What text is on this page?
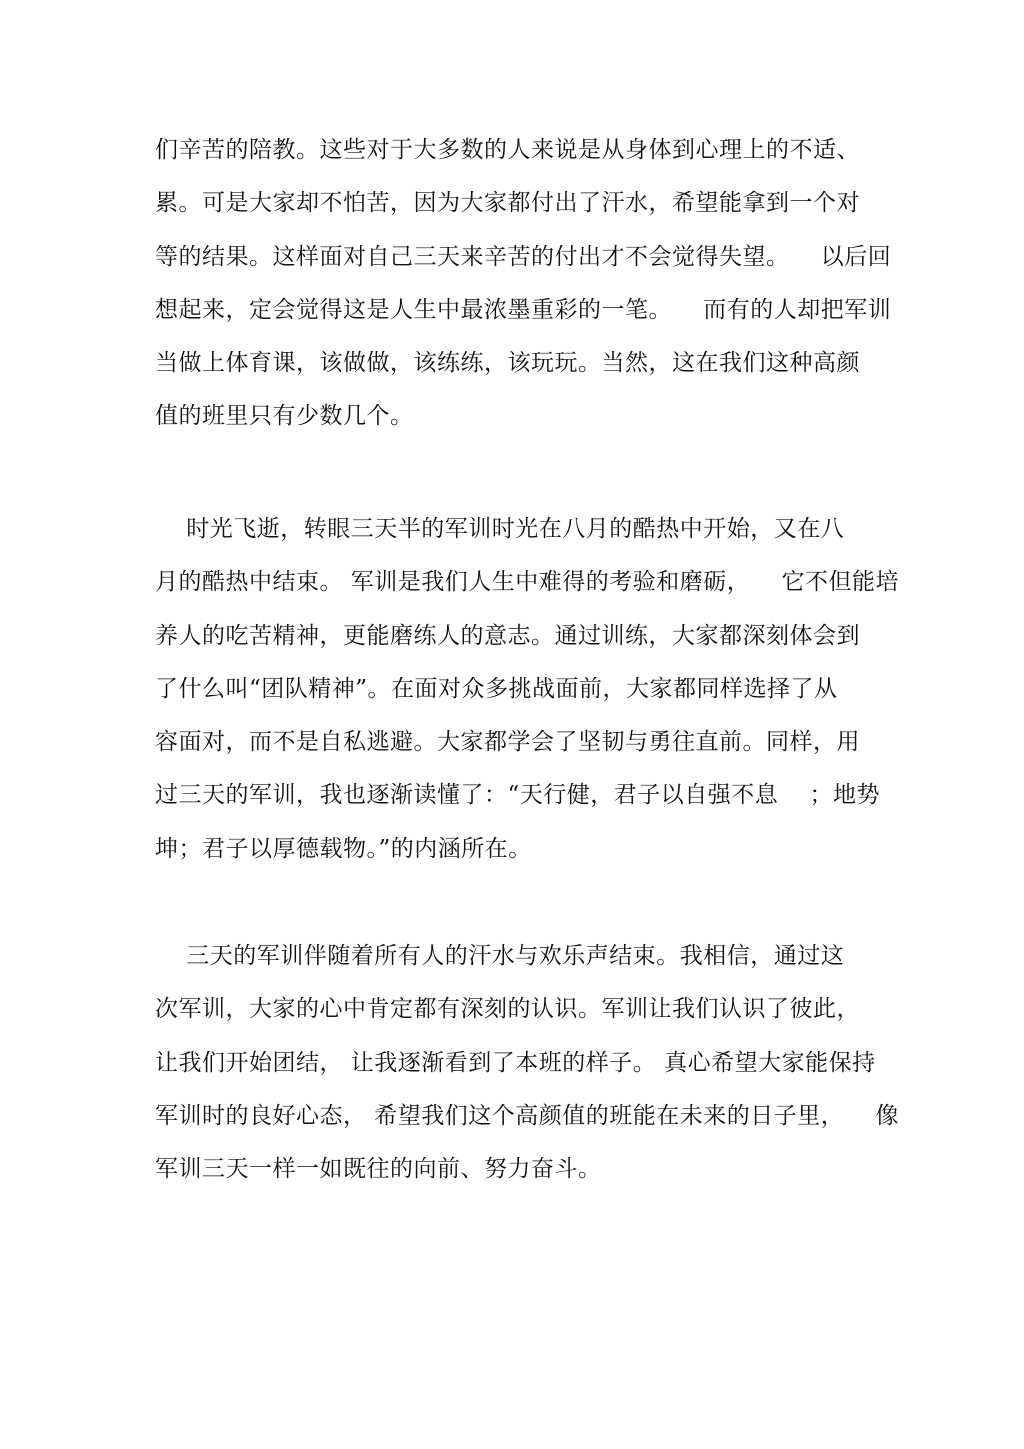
们辛苦的陪教。这些对于大多数的人来说是从身体到心理上的不适、
累。可是大家却不怕苦，因为大家都付出了汗水，希望能拿到一个对
等的结果。这样面对自己三天来辛苦的付出才不会觉得失望。    以后回
想起来，定会觉得这是人生中最浓墨重彩的一笔。    而有的人却把军训
当做上体育课，该做做，该练练，该玩玩。当然，这在我们这种高颜
值的班里只有少数几个。
时光飞逝，转眼三天半的军训时光在八月的酷热中开始，又在八
月的酷热中结束。 军训是我们人生中难得的考验和磨砺，    它不但能培
养人的吃苦精神，更能磨练人的意志。通过训练，大家都深刻体会到
了什么叫“团队精神”。在面对众多挑战面前，大家都同样选择了从
容面对，而不是自私逃避。大家都学会了坚韧与勇往直前。同样，用
过三天的军训，我也逐渐读懂了：“天行健，君子以自强不息    ；地势
坤；君子以厚德载物。”的内涵所在。
三天的军训伴随着所有人的汗水与欢乐声结束。我相信，通过这
次军训，大家的心中肯定都有深刻的认识。军训让我们认识了彼此，
让我们开始团结， 让我逐渐看到了本班的样子。 真心希望大家能保持
军训时的良好心态， 希望我们这个高颜值的班能在未来的日子里，    像
军训三天一样一如既往的向前、努力奋斗。
